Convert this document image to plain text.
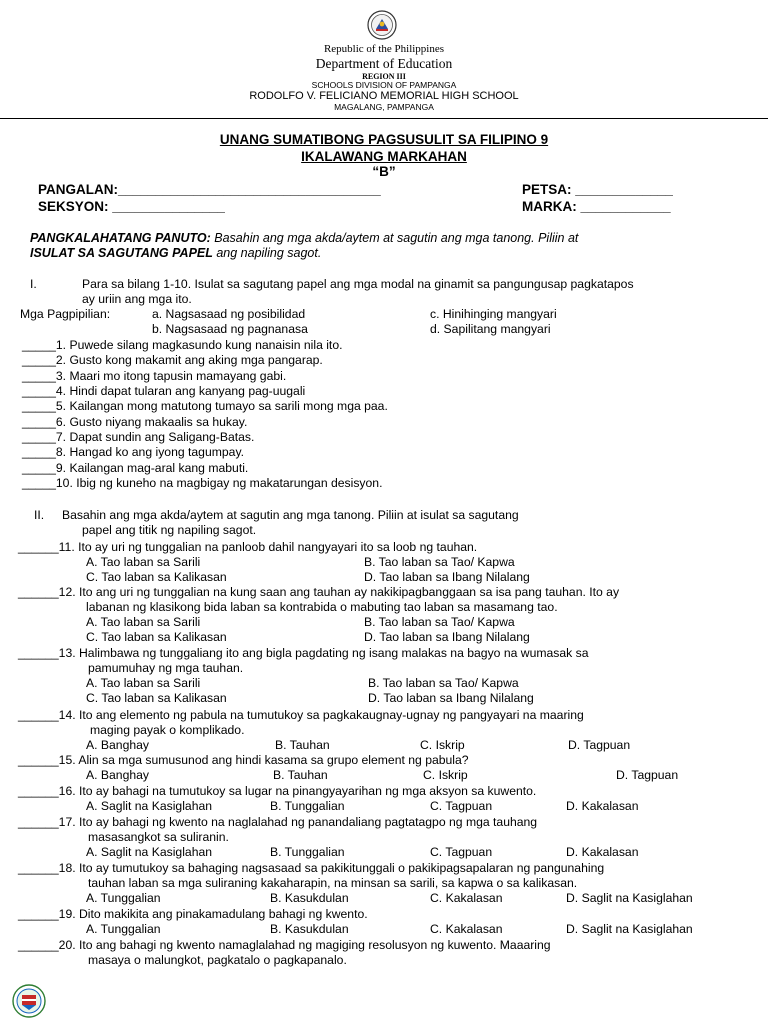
Republic of the Philippines
Department of Education
REGION III
SCHOOLS DIVISION OF PAMPANGA
RODOLFO V. FELICIANO MEMORIAL HIGH SCHOOL
MAGALANG, PAMPANGA
UNANG SUMATIBONG PAGSUSULIT SA FILIPINO 9
IKALAWANG MARKAHAN
“B”
PANGALAN:___________________________________	PETSA: _____________
SEKSYON: _______________	MARKA: ____________
PANGKALAHATANG PANUTO: Basahin ang mga akda/aytem at sagutin ang mga tanong. Piliin at
ISULAT SA SAGUTANG PAPEL ang napiling sagot.
I.	Para sa bilang 1-10. Isulat sa sagutang papel ang mga modal na ginamit sa pangungusap pagkatapos
ay uriin ang mga ito.
Mga Pagpipilian:	a. Nagsasaad ng posibilidad	c. Hinihinging mangyari
b. Nagsasaad ng pagnanasa	d. Sapilitang mangyari
_____1. Puwede silang magkasundo kung nanaisin nila ito.
_____2. Gusto kong makamit ang aking mga pangarap.
_____3. Maari mo itong tapusin mamayang gabi.
_____4. Hindi dapat tularan ang kanyang pag-uugali
_____5. Kailangan mong matutong tumayo sa sarili mong mga paa.
_____6. Gusto niyang makaalis sa hukay.
_____7. Dapat sundin ang Saligang-Batas.
_____8. Hangad ko ang iyong tagumpay.
_____9. Kailangan mag-aral kang mabuti.
_____10. Ibig ng kuneho na magbigay ng makatarungan desisyon.
II. Basahin ang mga akda/aytem at sagutin ang mga tanong. Piliin at isulat sa sagutang
papel ang titik ng napiling sagot.
______11. Ito ay uri ng tunggalian na panloob dahil nangyayari ito sa loob ng tauhan.
A. Tao laban sa Sarili	B. Tao laban sa Tao/ Kapwa
C. Tao laban sa Kalikasan	D. Tao laban sa Ibang Nilalang
______12. Ito ang uri ng tunggalian na kung saan ang tauhan ay nakikipagbanggaan sa isa pang tauhan. Ito ay
labanan ng klasikong bida laban sa kontrabida o mabuting tao laban sa masamang tao.
A. Tao laban sa Sarili	B. Tao laban sa Tao/ Kapwa
C. Tao laban sa Kalikasan	D. Tao laban sa Ibang Nilalang
______13. Halimbawa ng tunggaliang ito ang bigla pagdating ng isang malakas na bagyo na wumasak sa
pamumuhay ng mga tauhan.
A. Tao laban sa Sarili	B. Tao laban sa Tao/ Kapwa
C. Tao laban sa Kalikasan	D. Tao laban sa Ibang Nilalang
______14. Ito ang elemento ng pabula na tumutukoy sa pagkakaugnay-ugnay ng pangyayari na maaring
maging payak o komplikado.
A. Banghay	B. Tauhan	C. Iskrip	D. Tagpuan
______15. Alin sa mga sumusunod ang hindi kasama sa grupo element ng pabula?
A. Banghay	B. Tauhan	C. Iskrip	D. Tagpuan
______16. Ito ay bahagi na tumutukoy sa lugar na pinangyayarihan ng mga aksyon sa kuwento.
A. Saglit na Kasiglahan	B. Tunggalian	C. Tagpuan	D. Kakalasan
______17. Ito ay bahagi ng kwento na naglalahad ng panandaliang pagtatagpo ng mga tauhang
masasangkot sa suliranin.
A. Saglit na Kasiglahan	B. Tunggalian	C. Tagpuan	D. Kakalasan
______18. Ito ay tumutukoy sa bahaging nagsasaad sa pakikitunggali o pakikipagsapalaran ng pangunahing
tauhan laban sa mga suliraning kakaharapin, na minsan sa sarili, sa kapwa o sa kalikasan.
A. Tunggalian	B. Kasukdulan	C. Kakalasan	D. Saglit na Kasiglahan
______19. Dito makikita ang pinakamadulang bahagi ng kwento.
A. Tunggalian	B. Kasukdulan	C. Kakalasan	D. Saglit na Kasiglahan
______20. Ito ang bahagi ng kwento namaglalahad ng magiging resolusyon ng kuwento. Maaaring
masaya o malungkot, pagkatalo o pagkapanalo.
